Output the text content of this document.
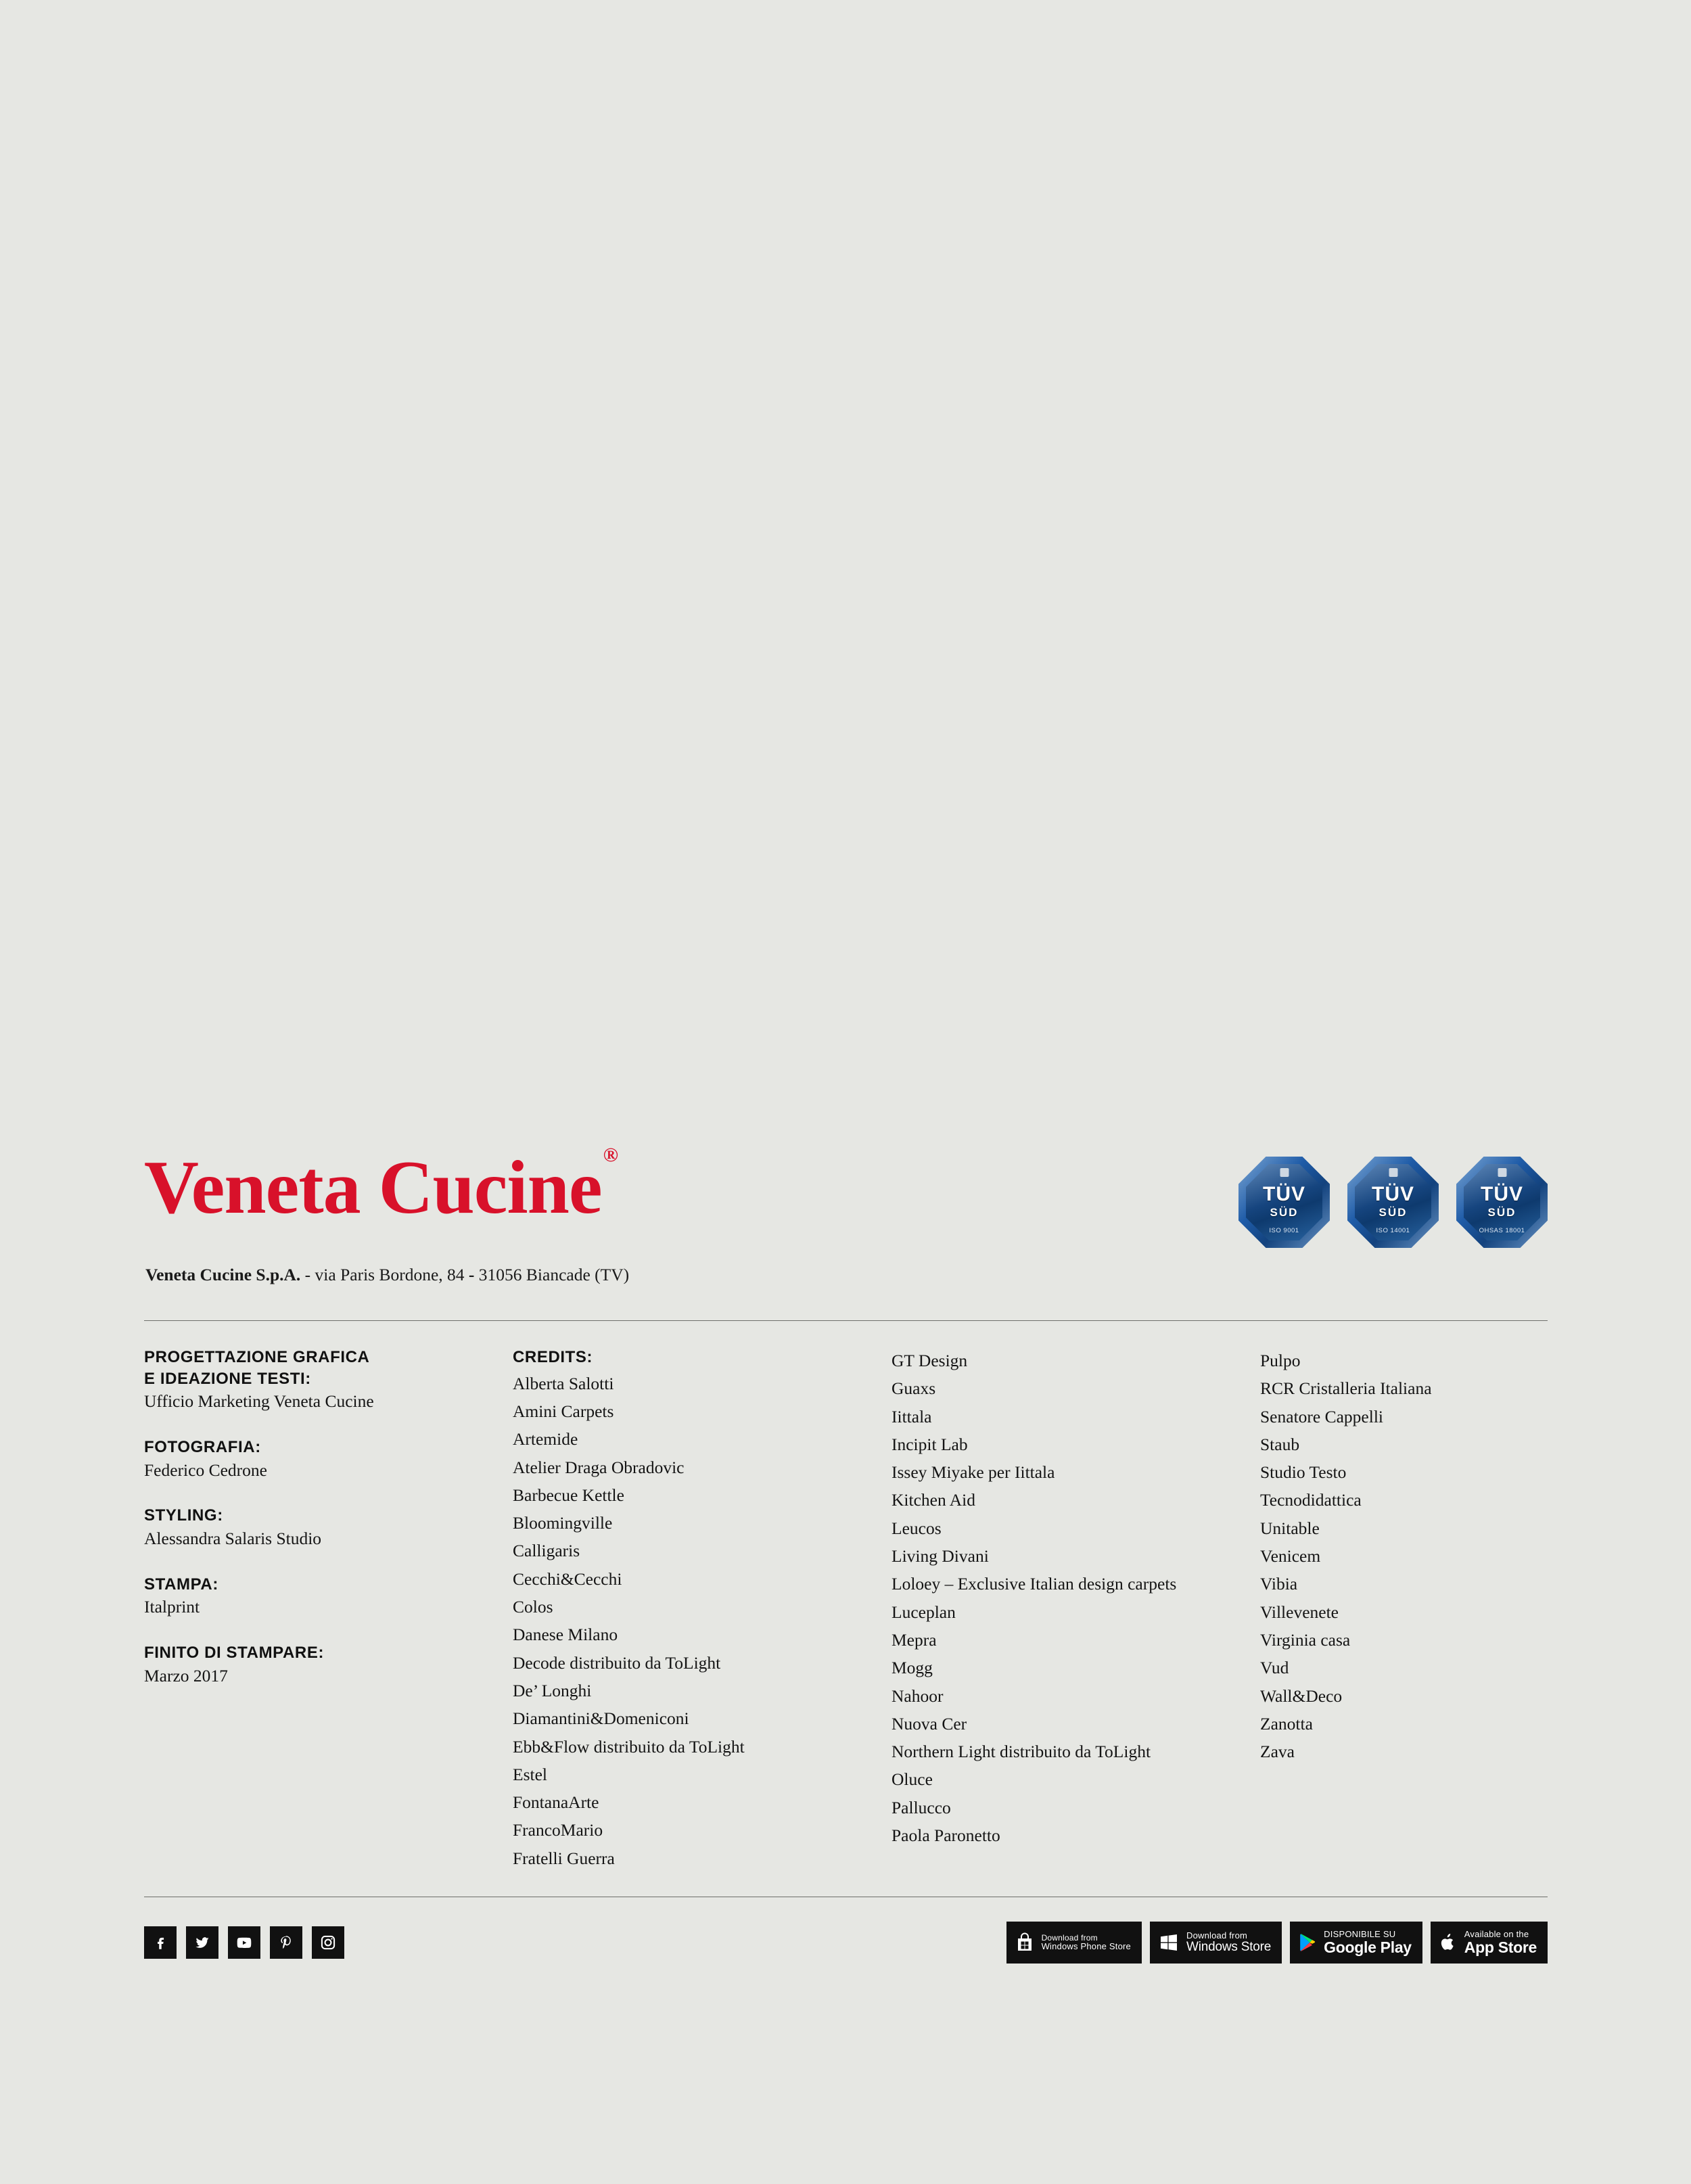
Veneta Cucine®
Veneta Cucine S.p.A. - via Paris Bordone, 84 - 31056 Biancade (TV)
TÜV
SÜD
ISO 9001
TÜV
SÜD
ISO 14001
TÜV
SÜD
OHSAS 18001
PROGETTAZIONE GRAFICA
E IDEAZIONE TESTI:
Ufficio Marketing Veneta Cucine
FOTOGRAFIA:
Federico Cedrone
STYLING:
Alessandra Salaris Studio
STAMPA:
Italprint
FINITO DI STAMPARE:
Marzo 2017
CREDITS:
Alberta Salotti
Amini Carpets
Artemide
Atelier Draga Obradovic
Barbecue Kettle
Bloomingville
Calligaris
Cecchi&Cecchi
Colos
Danese Milano
Decode distribuito da ToLight
De’ Longhi
Diamantini&Domeniconi
Ebb&Flow distribuito da ToLight
Estel
FontanaArte
FrancoMario
Fratelli Guerra
GT Design
Guaxs
Iittala
Incipit Lab
Issey Miyake per Iittala
Kitchen Aid
Leucos
Living Divani
Loloey – Exclusive Italian design carpets
Luceplan
Mepra
Mogg
Nahoor
Nuova Cer
Northern Light distribuito da ToLight
Oluce
Pallucco
Paola Paronetto
Pulpo
RCR Cristalleria Italiana
Senatore Cappelli
Staub
Studio Testo
Tecnodidattica
Unitable
Venicem
Vibia
Villevenete
Virginia casa
Vud
Wall&Deco
Zanotta
Zava
Download from
Windows Phone Store
Download from
Windows Store
DISPONIBILE SU
Google Play
Available on the
App Store
